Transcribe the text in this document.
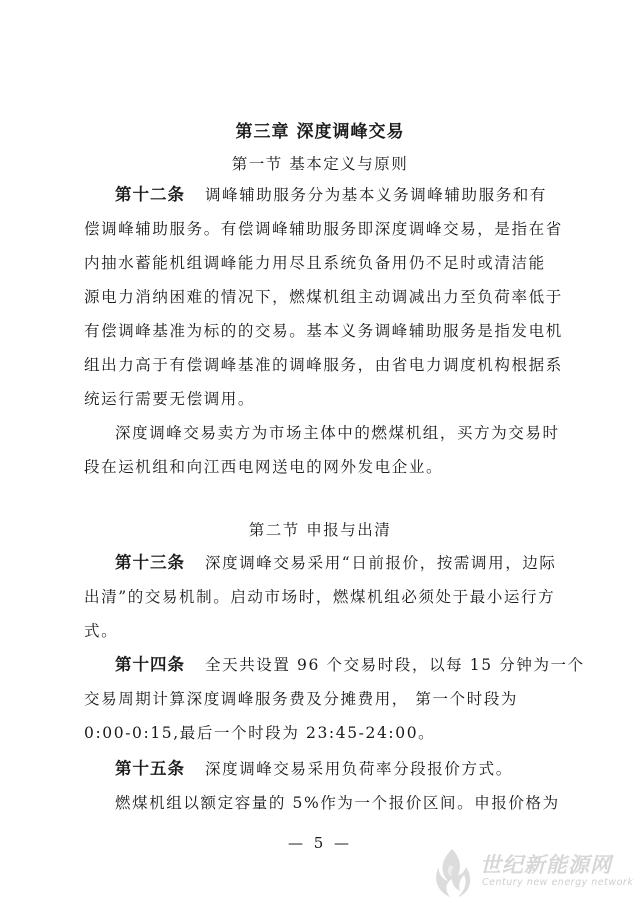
第三章 深度调峰交易
第一节 基本定义与原则
第十二条 调峰辅助服务分为基本义务调峰辅助服务和有
偿调峰辅助服务。有偿调峰辅助服务即深度调峰交易，是指在省
内抽水蓄能机组调峰能力用尽且系统负备用仍不足时或清洁能
源电力消纳困难的情况下，燃煤机组主动调减出力至负荷率低于
有偿调峰基准为标的的交易。基本义务调峰辅助服务是指发电机
组出力高于有偿调峰基准的调峰服务，由省电力调度机构根据系
统运行需要无偿调用。
深度调峰交易卖方为市场主体中的燃煤机组，买方为交易时
段在运机组和向江西电网送电的网外发电企业。
第二节 申报与出清
第十三条 深度调峰交易采用“日前报价，按需调用，边际
出清”的交易机制。启动市场时，燃煤机组必须处于最小运行方
式。
第十四条 全天共设置 96 个交易时段，以每 15 分钟为一个
交易周期计算深度调峰服务费及分摊费用， 第一个时段为
0:00-0:15,最后一个时段为 23:45-24:00。
第十五条 深度调峰交易采用负荷率分段报价方式。
燃煤机组以额定容量的 5%作为一个报价区间。申报价格为
— 5 —
世纪新能源网
Century new energy network
